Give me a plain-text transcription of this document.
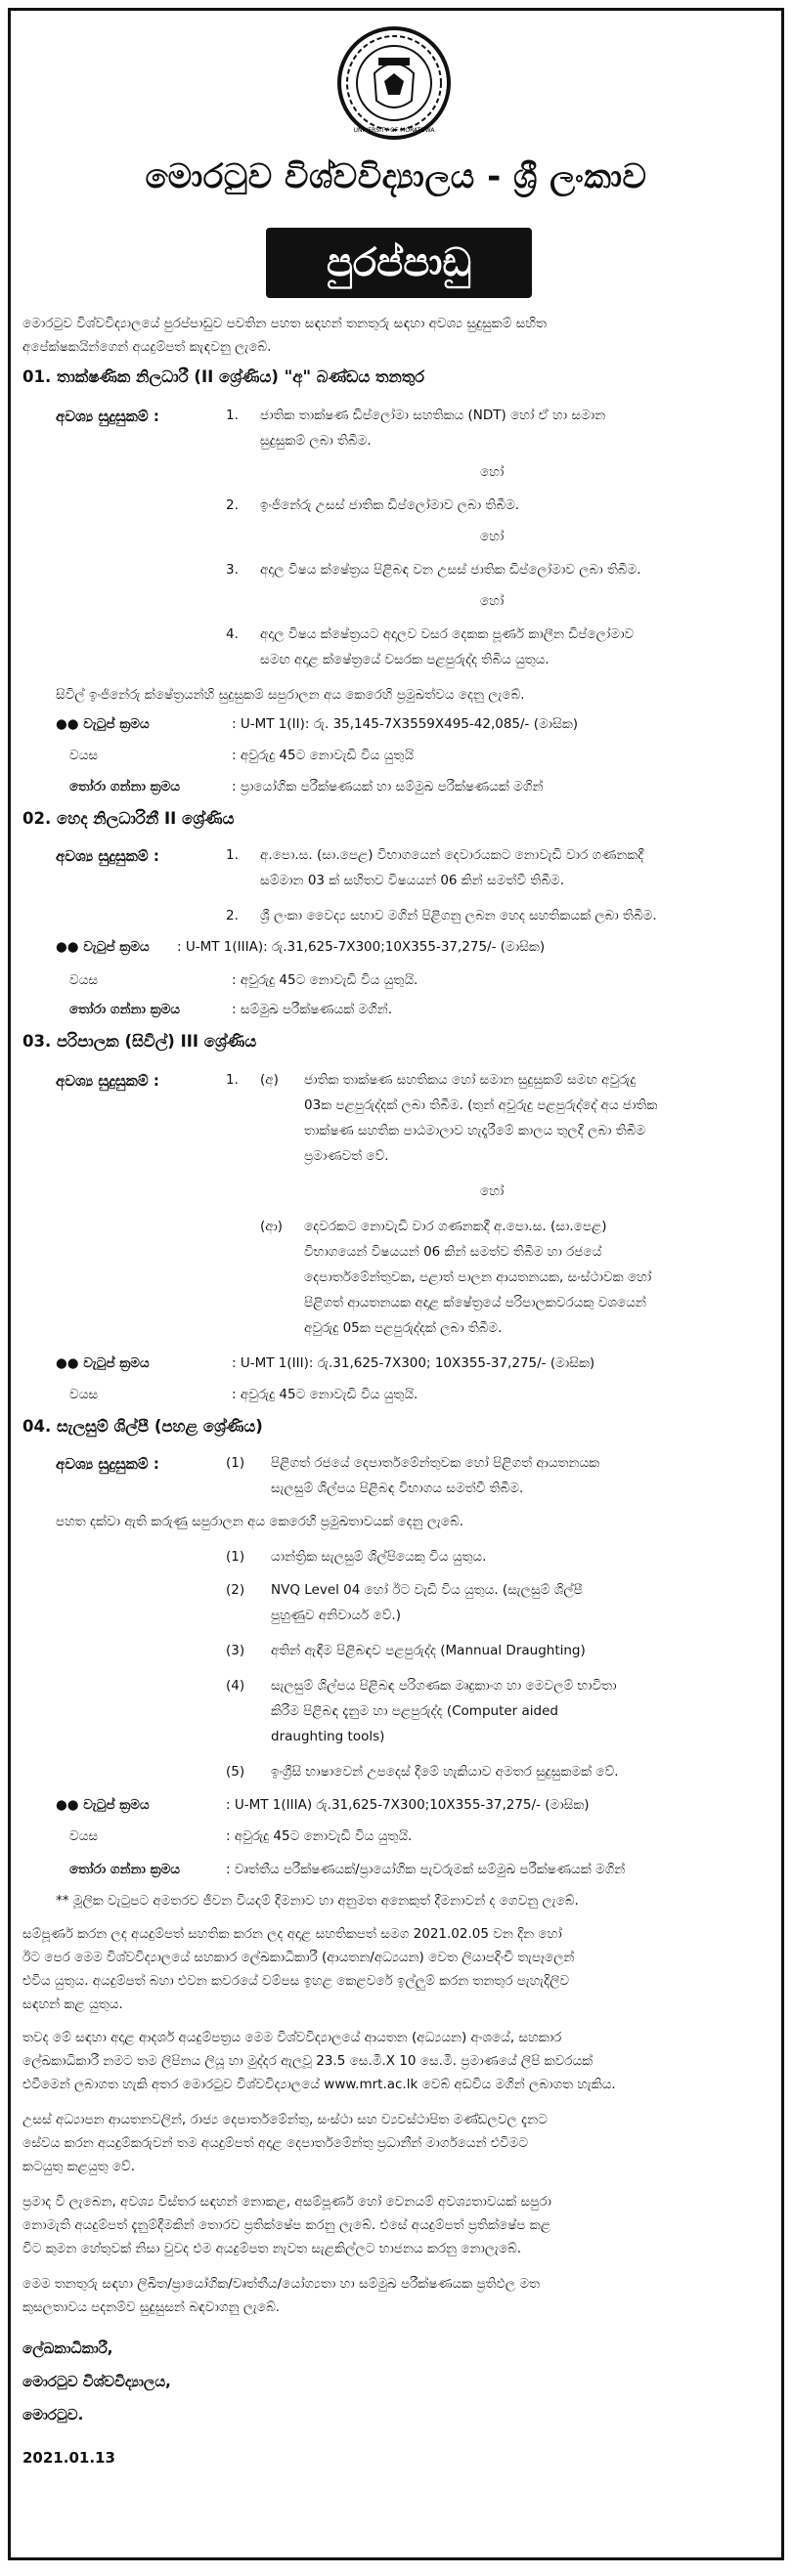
UNIVERSITY OF MORATUWA
මොරටුව විශ්වවිද්‍යාලය - ශ්‍රී ලංකාව
පුරප්පාඩු
මොරටුව විශ්වවිද්‍යාලයේ පුරප්පාඩුව පවතින පහත සඳහන් තනතුරු සඳහා අවශ්‍ය සුදුසුකම් සහිත
අපේක්ෂකයින්ගෙන් අයදුම්පත් කැඳවනු ලැබේ.
01. තාක්ෂණික නිලධාරී (II ශ්‍රේණිය) "අ" බණ්ඩය තනතුර
අවශ්‍ය සුදුසුකම් :	1. ජාතික තාක්ෂණ ඩිප්ලෝමා සහතිකය (NDT) හෝ ඒ හා සමාන
සුදුසුකම් ලබා තිබීම.
හෝ
2. ඉංජිනේරු උසස් ජාතික ඩිප්ලෝමාව ලබා තිබීම.
හෝ
3. අදාල විෂය ක්ෂේත්‍රය පිළිබඳ වන උසස් ජාතික ඩිප්ලෝමාව ලබා තිබීම.
හෝ
4. අදාල විෂය ක්ෂේත්‍රයට අදාලව වසර දෙකක පූර්ණ කාලීන ඩිප්ලෝමාව
සමඟ අදාළ ක්ෂේත්‍රයේ වසරක පළපුරුද්ද තිබිය යුතුය.
සිවිල් ඉංජිනේරු ක්ෂේත්‍රයන්හි සුදුසුකම් සපුරාලන අය කෙරෙහි ප්‍රමුඛත්වය දෙනු ලැබේ.
●● වැටුප් ක්‍රමය	: U-MT 1(II): රු. 35,145-7X3559X495-42,085/- (මාසික)
වයස	: අවුරුදු 45ට නොවැඩි විය යුතුයි
තෝරා ගන්නා ක්‍රමය	: ප්‍රායෝගික පරීක්ෂණයක් හා සම්මුඛ පරීක්ෂණයක් මගින්
02. හෙද නිලධාරිනී II ශ්‍රේණිය
අවශ්‍ය සුදුසුකම් :	1. අ.පො.ස. (සා.පෙළ) විභාගයෙන් දෙවාරයකට නොවැඩි වාර ගණනකදී
සම්මාන 03 ක් සහිතව විෂයයන් 06 කින් සමත්වී තිබීම.
2. ශ්‍රී ලංකා වෛද්‍ය සභාව මගින් පිළිගනු ලබන හෙද සහතිකයක් ලබා තිබීම.
●● වැටුප් ක්‍රමය : U-MT 1(IIIA): රු.31,625-7X300;10X355-37,275/- (මාසික)
වයස	: අවුරුදු 45ට නොවැඩි විය යුතුයි.
තෝරා ගන්නා ක්‍රමය	: සම්මුඛ පරීක්ෂණයක් මගින්.
03. පරිපාලක (සිවිල්) III ශ්‍රේණිය
අවශ්‍ය සුදුසුකම් :	1. (අ) ජාතික තාක්ෂණ සහතිකය හෝ සමාන සුදුසුකම් සමඟ අවුරුදු
03ක පළපුරුද්දක් ලබා තිබීම. (තුන් අවුරුදු පළපුරුද්දේ අය ජාතික
තාක්ෂණ සහතික පාඨමාලාව හැදෑරීමේ කාලය තුලදී ලබා තිබීම
ප්‍රමාණවත් වේ.
හෝ
(ආ) දෙවරකට නොවැඩි වාර ගණනකදී අ.පො.ස. (සා.පෙළ)
විභාගයෙන් විෂයයන් 06 කින් සමත්ව තිබීම හා රජයේ
දෙපාර්තමේන්තුවක, පළාත් පාලන ආයතනයක, සංස්ථාවක හෝ
පිළිගත් ආයතනයක අදාළ ක්ෂේත්‍රයේ පරිපාලකවරයකු වශයෙන්
අවුරුදු 05ක පළපුරුද්දක් ලබා තිබීම.
●● වැටුප් ක්‍රමය	: U-MT 1(III): රු.31,625-7X300; 10X355-37,275/- (මාසික)
වයස	: අවුරුදු 45ට නොවැඩි විය යුතුයි.
04. සැලසුම් ශිල්පී (පහළ ශ්‍රේණිය)
අවශ්‍ය සුදුසුකම් :	(1) පිළිගත් රජයේ දෙපාර්තමේන්තුවක හෝ පිළිගත් ආයතනයක
සැලසුම් ශිල්පය පිළිබඳ විභාගය සමත්වී තිබීම.
පහත දක්වා ඇති කරුණු සපුරාලන අය කෙරෙහි ප්‍රමුඛතාවයක් දෙනු ලැබේ.
(1) යාන්ත්‍රික සැලසුම් ශිල්පියෙකු විය යුතුය.
(2) NVQ Level 04 හෝ ඊට වැඩි විය යුතුය. (සැලසුම් ශිල්පී
පුහුණුව අනිවාර්ය වේ.)
(3) අතින් ඇඳීම පිළිබඳව පළපුරුද්ද (Mannual Draughting)
(4) සැලසුම් ශිල්පය පිළිබඳ පරිගණක මෘදුකාංග හා මෙවලම් භාවිතා
කිරීම පිළිබඳ දැනුම හා පළපුරුද්ද (Computer aided
draughting tools)
(5) ඉංග්‍රීසි භාෂාවෙන් උපදෙස් දීමේ හැකියාව අමතර සුදුසුකමක් වේ.
●● වැටුප් ක්‍රමය	: U-MT 1(IIIA) රු.31,625-7X300;10X355-37,275/- (මාසික)
වයස	: අවුරුදු 45ට නොවැඩි විය යුතුයි.
තෝරා ගන්නා ක්‍රමය	: වෘත්තීය පරීක්ෂණයක්/ප්‍රායෝගික පැවරුමක් සම්මුඛ පරීක්ෂණයක් මගින්
** මූලික වැටුපට අමතරව ජීවන වියදම් දීමනාව හා අනුමත අනෙකුත් දීමනාවන් ද ගෙවනු ලැබේ.
සම්පූර්ණ කරන ලද අයදුම්පත් සහතික කරන ලද අදාළ සහතිකපත් සමග 2021.02.05 වන දින හෝ
ඊට පෙර මෙම විශ්වවිද්‍යාලයේ සහකාර ලේඛකාධිකාරී (ආයතන/අධ්‍යයන) වෙත ලියාපදිංචි තැපෑලෙන්
එවිය යුතුය. අයදුම්පත් බහා එවන කවරයේ වම්පස ඉහළ කෙළවරේ ඉල්ලුම් කරන තනතුර පැහැදිලිව
සඳහන් කළ යුතුය.
තවද මේ සඳහා අදාළ ආදර්ශ අයදුම්පත්‍රය මෙම විශ්වවිද්‍යාලයේ ආයතන (අධ්‍යයන) අංශයේ, සහකාර
ලේඛකාධිකාරී නමට තම ලිපිනය ලියූ හා මුද්දර ඇලවූ 23.5 සෙ.මී.X 10 සෙ.මී. ප්‍රමාණයේ ලිපි කවරයක්
එවීමෙන් ලබාගත හැකි අතර මොරටුව විශ්වවිද්‍යාලයේ www.mrt.ac.lk වෙබ් අඩවිය මගින් ලබාගත හැකිය.
උසස් අධ්‍යාපන ආයතනවලින්, රාජ්‍ය දෙපාර්තමේන්තු, සංස්ථා සහ ව්‍යවස්ථාපිත මණ්ඩලවල දැනට
සේවය කරන අයදුම්කරුවන් තම අයදුම්පත් අදාළ දෙපාර්තමේන්තු ප්‍රධානීන් මාර්ගයෙන් එවිමට
කටයුතු කළයුතු වේ.
ප්‍රමාද වී ලැබෙන, අවශ්‍ය විස්තර සඳහන් නොකළ, අසම්පූර්ණ හෝ වෙනයම් අවශ්‍යතාවයක් සපුරා
නොමැති අයදුම්පත් දැනුම්දීමකින් තොරව ප්‍රතික්ෂේප කරනු ලැබේ. එසේ අයදුම්පත් ප්‍රතික්ෂේප කළ
විට කුමන හේතුවක් නිසා වුවද එම අයදුම්පත නැවත සැළකිල්ලට භාජනය කරනු නොලැබේ.
මෙම තනතුරු සඳහා ලිඛිත/ප්‍රායෝගික/වෘත්තීය/යෝග්‍යතා හා සම්මුඛ පරීක්ෂණයක ප්‍රතිඵල මත
කුසලතාවය පදනම්ව සුදුසුසන් බඳවාගනු ලැබේ.
ලේඛකාධිකාරී,
මොරටුව විශ්වවිද්‍යාලය,
මොරටුව.
2021.01.13
